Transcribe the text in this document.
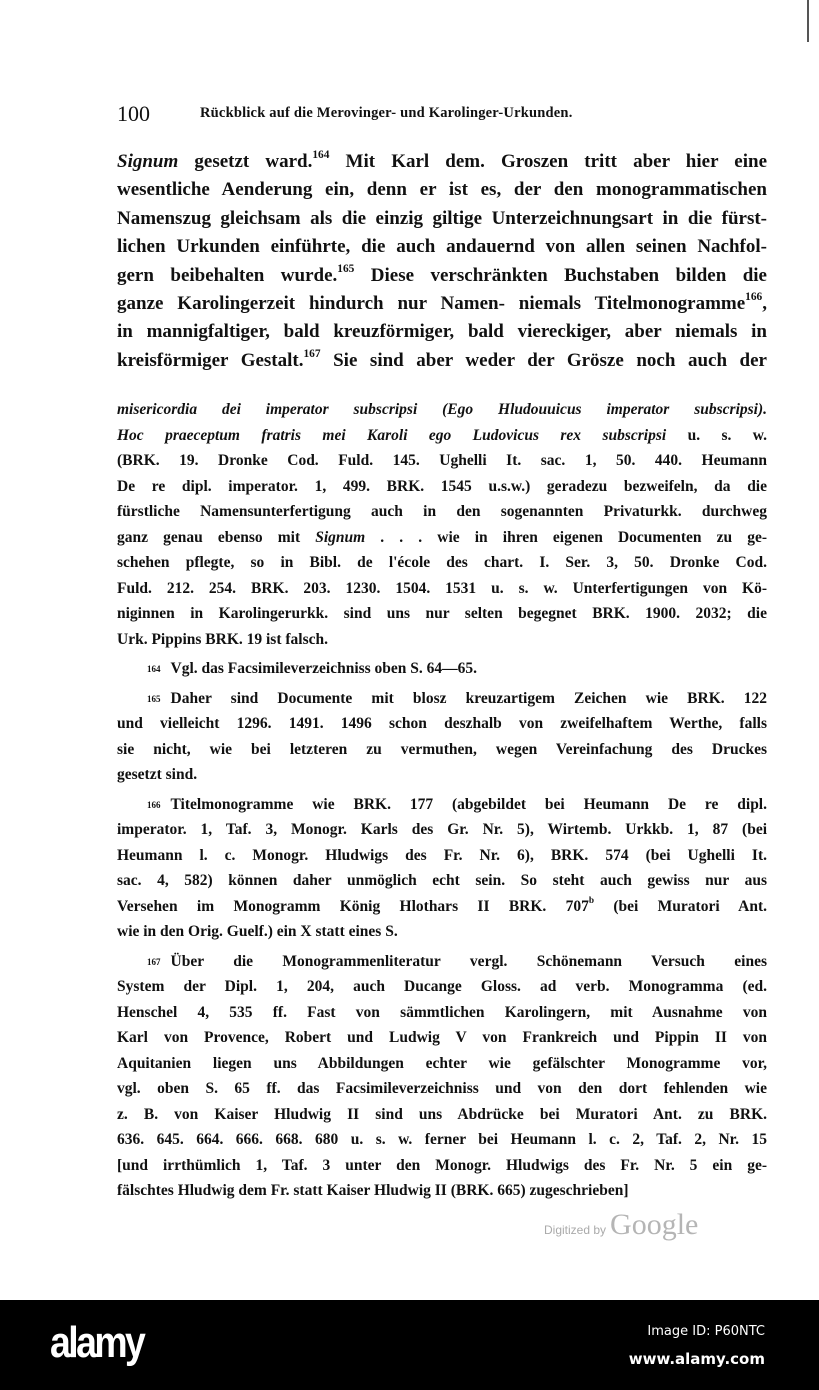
100	Rückblick auf die Merovinger- und Karolinger-Urkunden.
Signum gesetzt ward.$^{164}$ Mit Karl dem. Groszen tritt aber hier eine
wesentliche Aenderung ein, denn er ist es, der den monogrammatischen
Namenszug gleichsam als die einzig giltige Unterzeichnungsart in die fürst-
lichen Urkunden einführte, die auch andauernd von allen seinen Nachfol-
gern beibehalten wurde.$^{165}$ Diese verschränkten Buchstaben bilden die
ganze Karolingerzeit hindurch nur Namen- niemals Titelmonogramme$^{166}$,
in mannigfaltiger, bald kreuzförmiger, bald viereckiger, aber niemals in
kreisförmiger Gestalt.$^{167}$ Sie sind aber weder der Grösze noch auch der
misericordia dei imperator subscripsi (Ego Hludouuicus imperator subscripsi).
Hoc praeceptum fratris mei Karoli ego Ludovicus rex subscripsi u. s. w.
(BRK. 19. Dronke Cod. Fuld. 145. Ughelli It. sac. 1, 50. 440. Heumann
De re dipl. imperator. 1, 499. BRK. 1545 u.s.w.) geradezu bezweifeln, da die
fürstliche Namensunterfertigung auch in den sogenannten Privaturkk. durchweg
ganz genau ebenso mit Signum . . . wie in ihren eigenen Documenten zu ge-
schehen pflegte, so in Bibl. de l'école des chart. I. Ser. 3, 50. Dronke Cod.
Fuld. 212. 254. BRK. 203. 1230. 1504. 1531 u. s. w. Unterfertigungen von Kö-
niginnen in Karolingerurkk. sind uns nur selten begegnet BRK. 1900. 2032; die
Urk. Pippins BRK. 19 ist falsch.
$^{164}$ Vgl. das Facsimileverzeichniss oben S. 64—65.
$^{165}$ Daher sind Documente mit blosz kreuzartigem Zeichen wie BRK. 122
und vielleicht 1296. 1491. 1496 schon deszhalb von zweifelhaftem Werthe, falls
sie nicht, wie bei letzteren zu vermuthen, wegen Vereinfachung des Druckes
gesetzt sind.
$^{166}$ Titelmonogramme wie BRK. 177 (abgebildet bei Heumann De re dipl.
imperator. 1, Taf. 3, Monogr. Karls des Gr. Nr. 5), Wirtemb. Urkkb. 1, 87 (bei
Heumann l. c. Monogr. Hludwigs des Fr. Nr. 6), BRK. 574 (bei Ughelli It.
sac. 4, 582) können daher unmöglich echt sein. So steht auch gewiss nur aus
Versehen im Monogramm König Hlothars II BRK. 707$^b$ (bei Muratori Ant.
wie in den Orig. Guelf.) ein X statt eines S.
$^{167}$ Über die Monogrammenliteratur vergl. Schönemann Versuch eines
System der Dipl. 1, 204, auch Ducange Gloss. ad verb. Monogramma (ed.
Henschel 4, 535 ff. Fast von sämmtlichen Karolingern, mit Ausnahme von
Karl von Provence, Robert und Ludwig V von Frankreich und Pippin II von
Aquitanien liegen uns Abbildungen echter wie gefälschter Monogramme vor,
vgl. oben S. 65 ff. das Facsimileverzeichniss und von den dort fehlenden wie
z. B. von Kaiser Hludwig II sind uns Abdrücke bei Muratori Ant. zu BRK.
636. 645. 664. 666. 668. 680 u. s. w. ferner bei Heumann l. c. 2, Taf. 2, Nr. 15
[und irrthümlich 1, Taf. 3 unter den Monogr. Hludwigs des Fr. Nr. 5 ein ge-
fälschtes Hludwig dem Fr. statt Kaiser Hludwig II (BRK. 665) zugeschrieben]
Digitized by Google
alamy	Image ID: P60NTC
www.alamy.com
